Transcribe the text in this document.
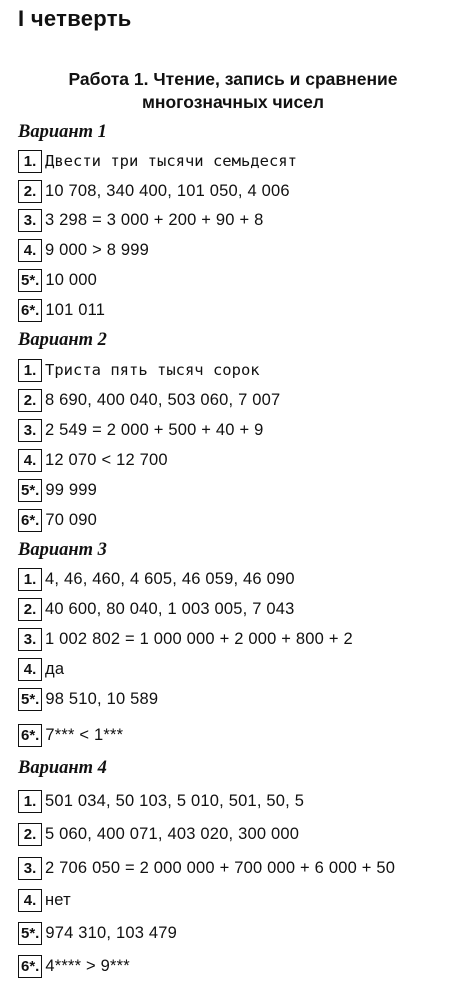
I четверть
Работа 1. Чтение, запись и сравнение
многозначных чисел
Вариант 1
1. Двести три тысячи семьдесят
2. 10 708, 340 400, 101 050, 4 006
3. 3 298 = 3 000 + 200 + 90 + 8
4. 9 000 > 8 999
5*. 10 000
6*. 101 011
Вариант 2
1. Триста пять тысяч сорок
2. 8 690, 400 040, 503 060, 7 007
3. 2 549 = 2 000 + 500 + 40 + 9
4. 12 070 < 12 700
5*. 99 999
6*. 70 090
Вариант 3
1. 4, 46, 460, 4 605, 46 059, 46 090
2. 40 600, 80 040, 1 003 005, 7 043
3. 1 002 802 = 1 000 000 + 2 000 + 800 + 2
4. да
5*. 98 510, 10 589
6*. 7*** < 1***
Вариант 4
1. 501 034, 50 103, 5 010, 501, 50, 5
2. 5 060, 400 071, 403 020, 300 000
3. 2 706 050 = 2 000 000 + 700 000 + 6 000 + 50
4. нет
5*. 974 310, 103 479
6*. 4**** > 9***
